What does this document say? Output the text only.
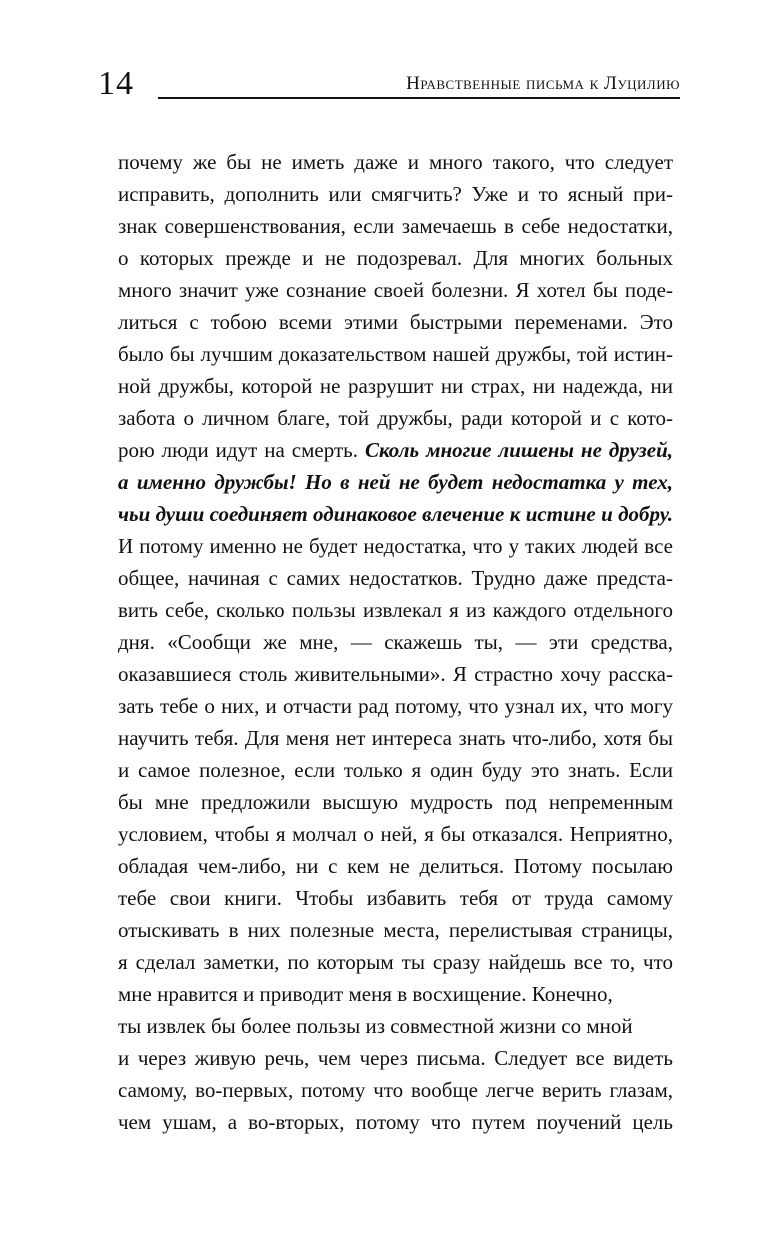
14	Нравственные письма к Луцилию
почему же бы не иметь даже и много такого, что следует
исправить, дополнить или смягчить? Уже и то ясный при-
знак совершенствования, если замечаешь в себе недостатки,
о которых прежде и не подозревал. Для многих больных
много значит уже сознание своей болезни. Я хотел бы поде-
литься с тобою всеми этими быстрыми переменами. Это
было бы лучшим доказательством нашей дружбы, той истин-
ной дружбы, которой не разрушит ни страх, ни надежда, ни
забота о личном благе, той дружбы, ради которой и с кото-
рою люди идут на смерть. Сколь многие лишены не друзей,
а именно дружбы! Но в ней не будет недостатка у тех,
чьи души соединяет одинаковое влечение к истине и добру.
И потому именно не будет недостатка, что у таких людей все
общее, начиная с самих недостатков. Трудно даже предста-
вить себе, сколько пользы извлекал я из каждого отдельного
дня. «Сообщи же мне, — скажешь ты, — эти средства,
оказавшиеся столь живительными». Я страстно хочу расска-
зать тебе о них, и отчасти рад потому, что узнал их, что могу
научить тебя. Для меня нет интереса знать что-либо, хотя бы
и самое полезное, если только я один буду это знать. Если
бы мне предложили высшую мудрость под непременным
условием, чтобы я молчал о ней, я бы отказался. Неприятно,
обладая чем-либо, ни с кем не делиться. Потому посылаю
тебе свои книги. Чтобы избавить тебя от труда самому
отыскивать в них полезные места, перелистывая страницы,
я сделал заметки, по которым ты сразу найдешь все то, что
мне нравится и приводит меня в восхищение. Конечно,
ты извлек бы более пользы из совместной жизни со мной
и через живую речь, чем через письма. Следует все видеть
самому, во-первых, потому что вообще легче верить глазам,
чем ушам, а во-вторых, потому что путем поучений цель
